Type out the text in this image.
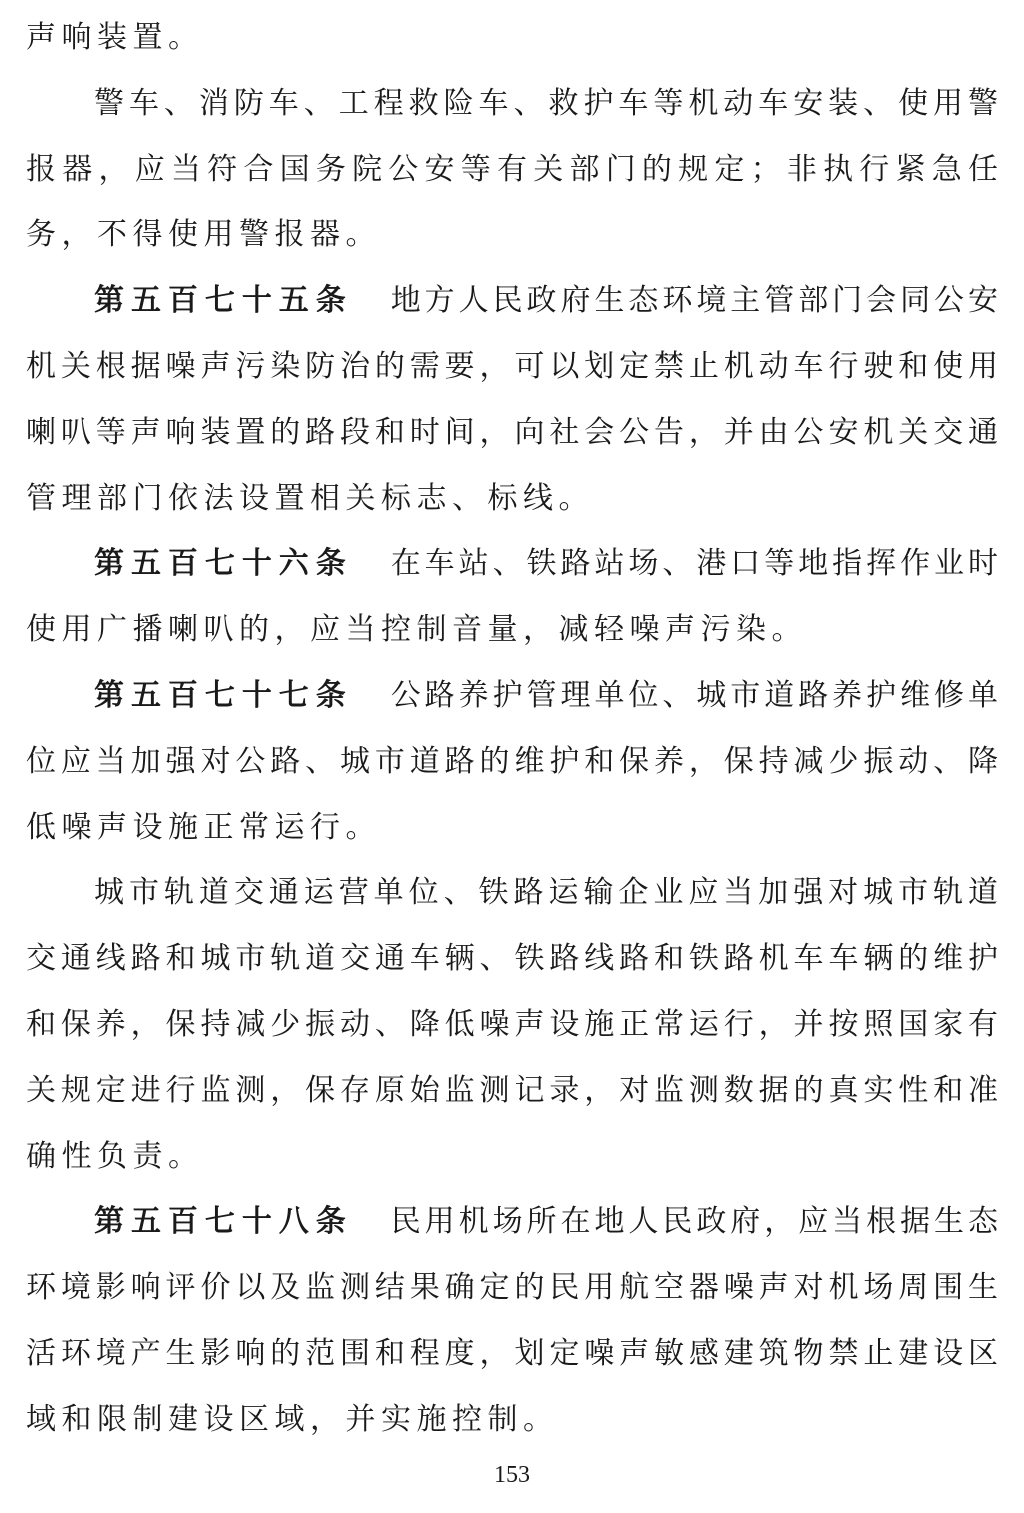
声响装置。
警车、消防车、工程救险车、救护车等机动车安装、使用警
报器，应当符合国务院公安等有关部门的规定；非执行紧急任
务，不得使用警报器。
第五百七十五条 地方人民政府生态环境主管部门会同公安
机关根据噪声污染防治的需要，可以划定禁止机动车行驶和使用
喇叭等声响装置的路段和时间，向社会公告，并由公安机关交通
管理部门依法设置相关标志、标线。
第五百七十六条 在车站、铁路站场、港口等地指挥作业时
使用广播喇叭的，应当控制音量，减轻噪声污染。
第五百七十七条 公路养护管理单位、城市道路养护维修单
位应当加强对公路、城市道路的维护和保养，保持减少振动、降
低噪声设施正常运行。
城市轨道交通运营单位、铁路运输企业应当加强对城市轨道
交通线路和城市轨道交通车辆、铁路线路和铁路机车车辆的维护
和保养，保持减少振动、降低噪声设施正常运行，并按照国家有
关规定进行监测，保存原始监测记录，对监测数据的真实性和准
确性负责。
第五百七十八条 民用机场所在地人民政府，应当根据生态
环境影响评价以及监测结果确定的民用航空器噪声对机场周围生
活环境产生影响的范围和程度，划定噪声敏感建筑物禁止建设区
域和限制建设区域，并实施控制。
153
